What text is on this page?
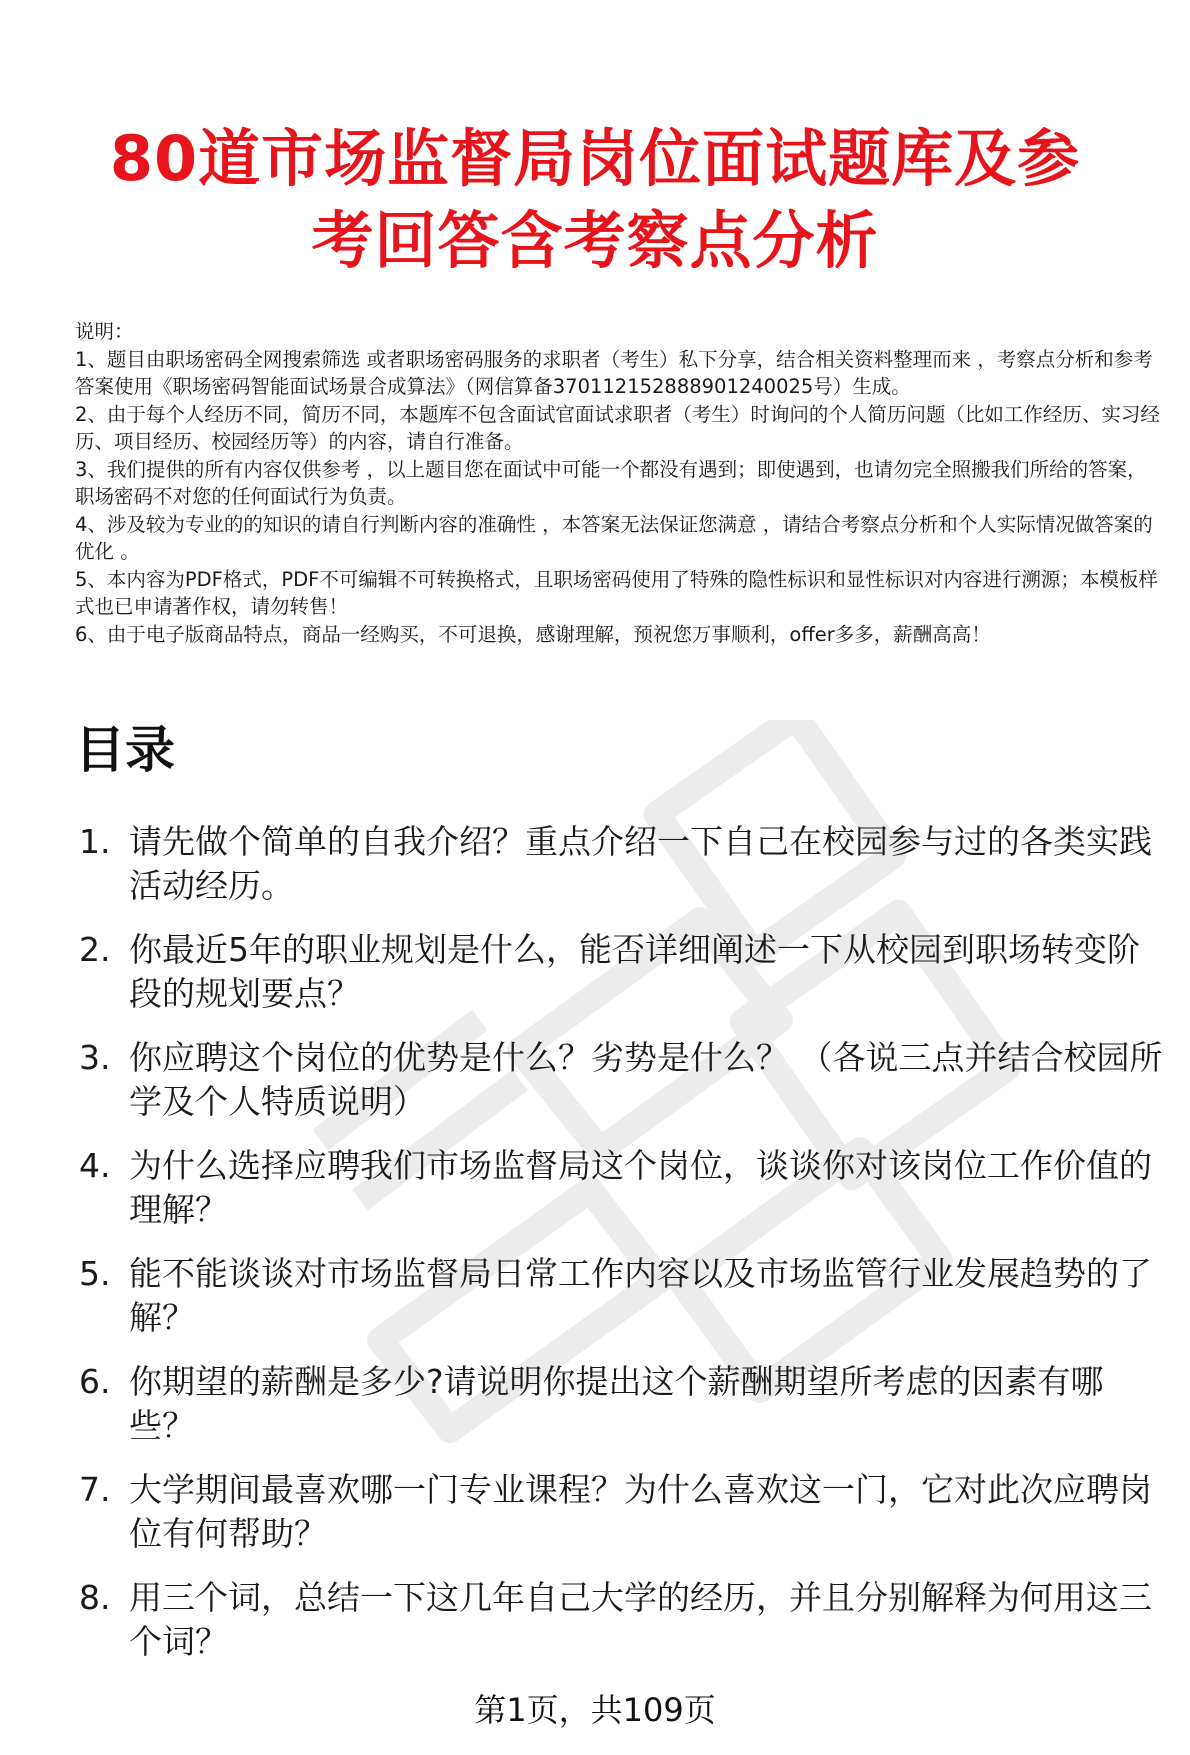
80道市场监督局岗位面试题库及参
考回答含考察点分析
说明：
1、题目由职场密码全网搜索筛选 或者职场密码服务的求职者（考生）私下分享，结合相关资料整理而来 ，考察点分析和参考答案使用《职场密码智能面试场景合成算法》（网信算备370112152888901240025号）生成。
2、由于每个人经历不同，简历不同，本题库不包含面试官面试求职者（考生）时询问的个人简历问题（比如工作经历、实习经历、项目经历、校园经历等）的内容，请自行准备。
3、我们提供的所有内容仅供参考 ，以上题目您在面试中可能一个都没有遇到；即使遇到，也请勿完全照搬我们所给的答案，职场密码不对您的任何面试行为负责。
4、涉及较为专业的的知识的请自行判断内容的准确性 ，本答案无法保证您满意 ，请结合考察点分析和个人实际情况做答案的优化 。
5、本内容为PDF格式，PDF不可编辑不可转换格式，且职场密码使用了特殊的隐性标识和显性标识对内容进行溯源；本模板样式也已申请著作权，请勿转售！
6、由于电子版商品特点，商品一经购买，不可退换，感谢理解，预祝您万事顺利，offer多多，薪酬高高！
目录
1. 请先做个简单的自我介绍？重点介绍一下自己在校园参与过的各类实践活动经历。
2. 你最近5年的职业规划是什么，能否详细阐述一下从校园到职场转变阶段的规划要点？
3. 你应聘这个岗位的优势是什么？劣势是什么？ （各说三点并结合校园所学及个人特质说明）
4. 为什么选择应聘我们市场监督局这个岗位，谈谈你对该岗位工作价值的理解？
5. 能不能谈谈对市场监督局日常工作内容以及市场监管行业发展趋势的了解？
6. 你期望的薪酬是多少?请说明你提出这个薪酬期望所考虑的因素有哪些？
7. 大学期间最喜欢哪一门专业课程？为什么喜欢这一门，它对此次应聘岗位有何帮助？
8. 用三个词，总结一下这几年自己大学的经历，并且分别解释为何用这三个词？
第1页，共109页
